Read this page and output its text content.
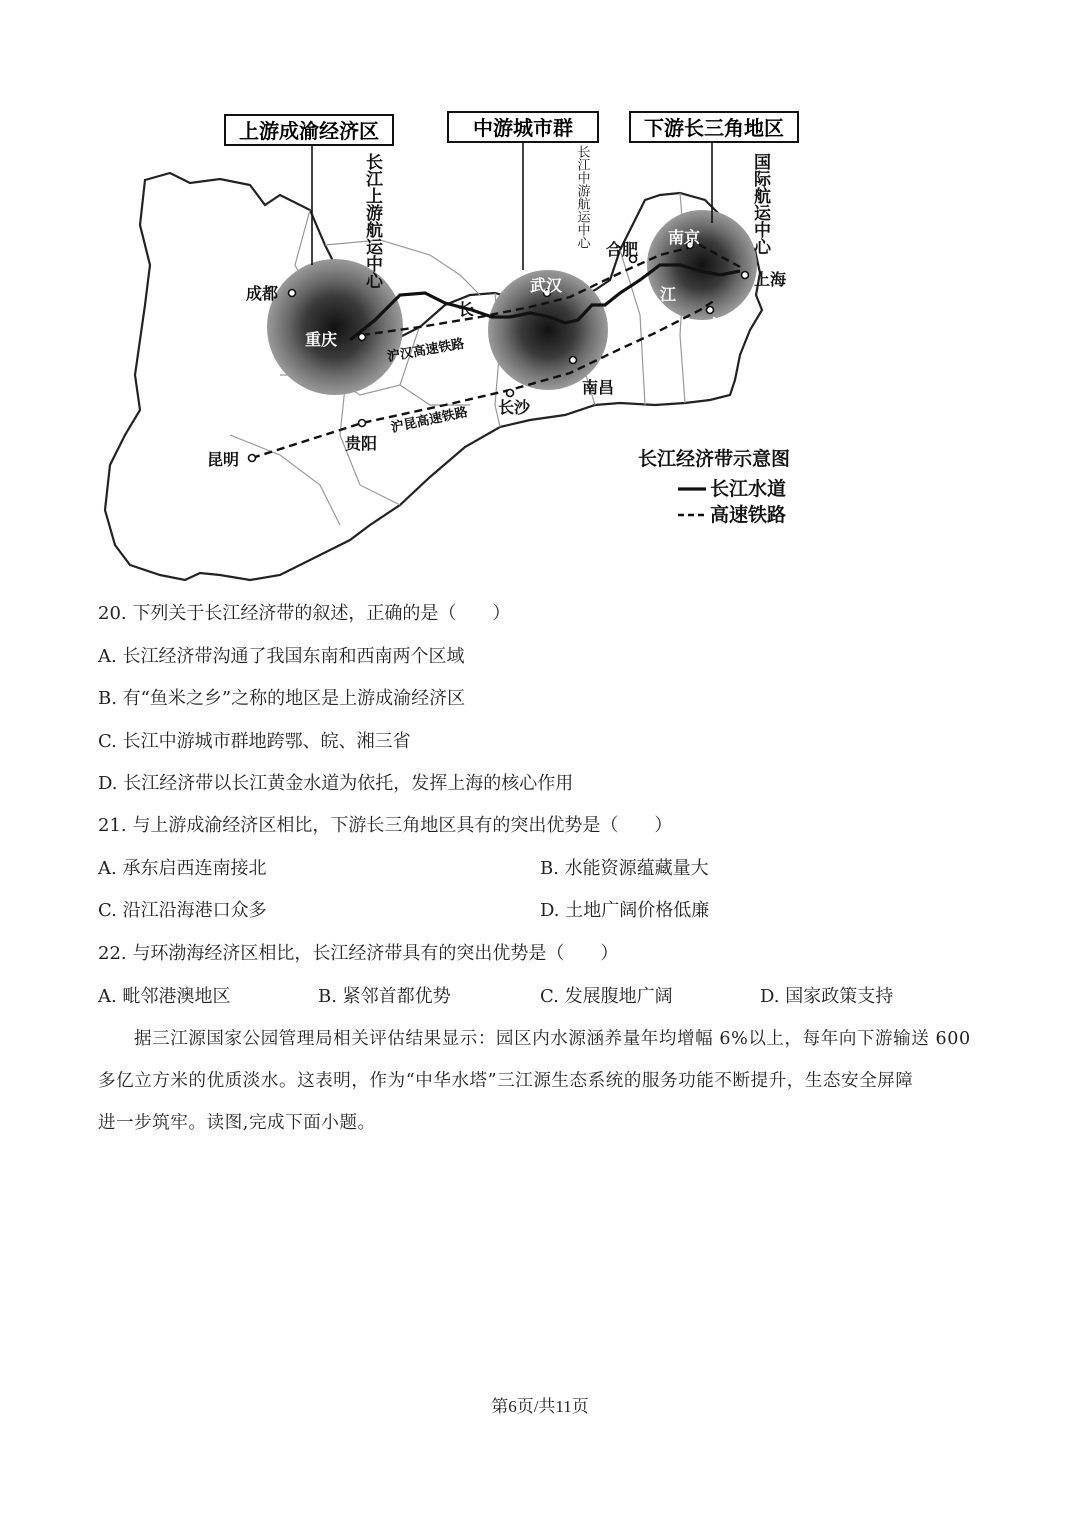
上游成渝经济区	中游城市群	下游长三角地区
长江上游航运中心	长江中游航运中心	国际航运中心
成都
重庆
武汉
合肥
南京
上海
杭州
南昌
长沙
贵阳
昆明
长
江
沪汉高速铁路
沪昆高速铁路
长江经济带示意图
长江水道
高速铁路
20. 下列关于长江经济带的叙述，正确的是（　　）
A. 长江经济带沟通了我国东南和西南两个区域
B. 有“鱼米之乡”之称的地区是上游成渝经济区
C. 长江中游城市群地跨鄂、皖、湘三省
D. 长江经济带以长江黄金水道为依托，发挥上海的核心作用
21. 与上游成渝经济区相比，下游长三角地区具有的突出优势是（　　）
A. 承东启西连南接北	B. 水能资源蕴藏量大
C. 沿江沿海港口众多	D. 土地广阔价格低廉
22. 与环渤海经济区相比，长江经济带具有的突出优势是（　　）
A. 毗邻港澳地区	B. 紧邻首都优势	C. 发展腹地广阔	D. 国家政策支持

据三江源国家公园管理局相关评估结果显示：园区内水源涵养量年均增幅 6%以上，每年向下游输送 600

多亿立方米的优质淡水。这表明，作为“中华水塔”三江源生态系统的服务功能不断提升，生态安全屏障

进一步筑牢。读图,完成下面小题。

第6页/共11页
